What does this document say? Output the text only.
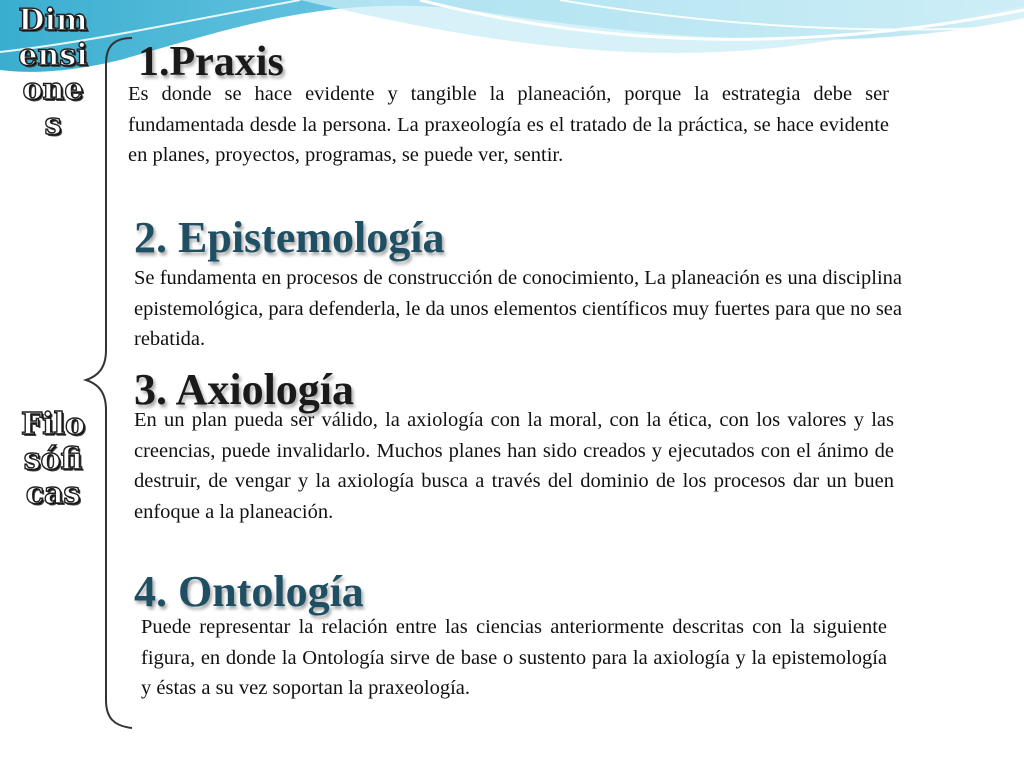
Dimensiones

Filosóficas

1.Praxis

Es donde se hace evidente y tangible la planeación, porque la estrategia debe ser fundamentada desde la persona. La praxeología es el tratado de la práctica, se hace evidente en planes, proyectos, programas, se puede ver, sentir.

2. Epistemología

Se fundamenta en procesos de construcción de conocimiento, La planeación es una disciplina epistemológica, para defenderla, le da unos elementos científicos muy fuertes para que no sea rebatida.

3. Axiología

En un plan pueda ser válido, la axiología con la moral, con la ética, con los valores y las creencias, puede invalidarlo. Muchos planes han sido creados y ejecutados con el ánimo de destruir, de vengar y la axiología busca a través del dominio de los procesos dar un buen enfoque a la planeación.

4. Ontología

Puede representar la relación entre las ciencias anteriormente descritas con la siguiente figura, en donde la Ontología sirve de base o sustento para la axiología y la epistemología y éstas a su vez soportan la praxeología.
